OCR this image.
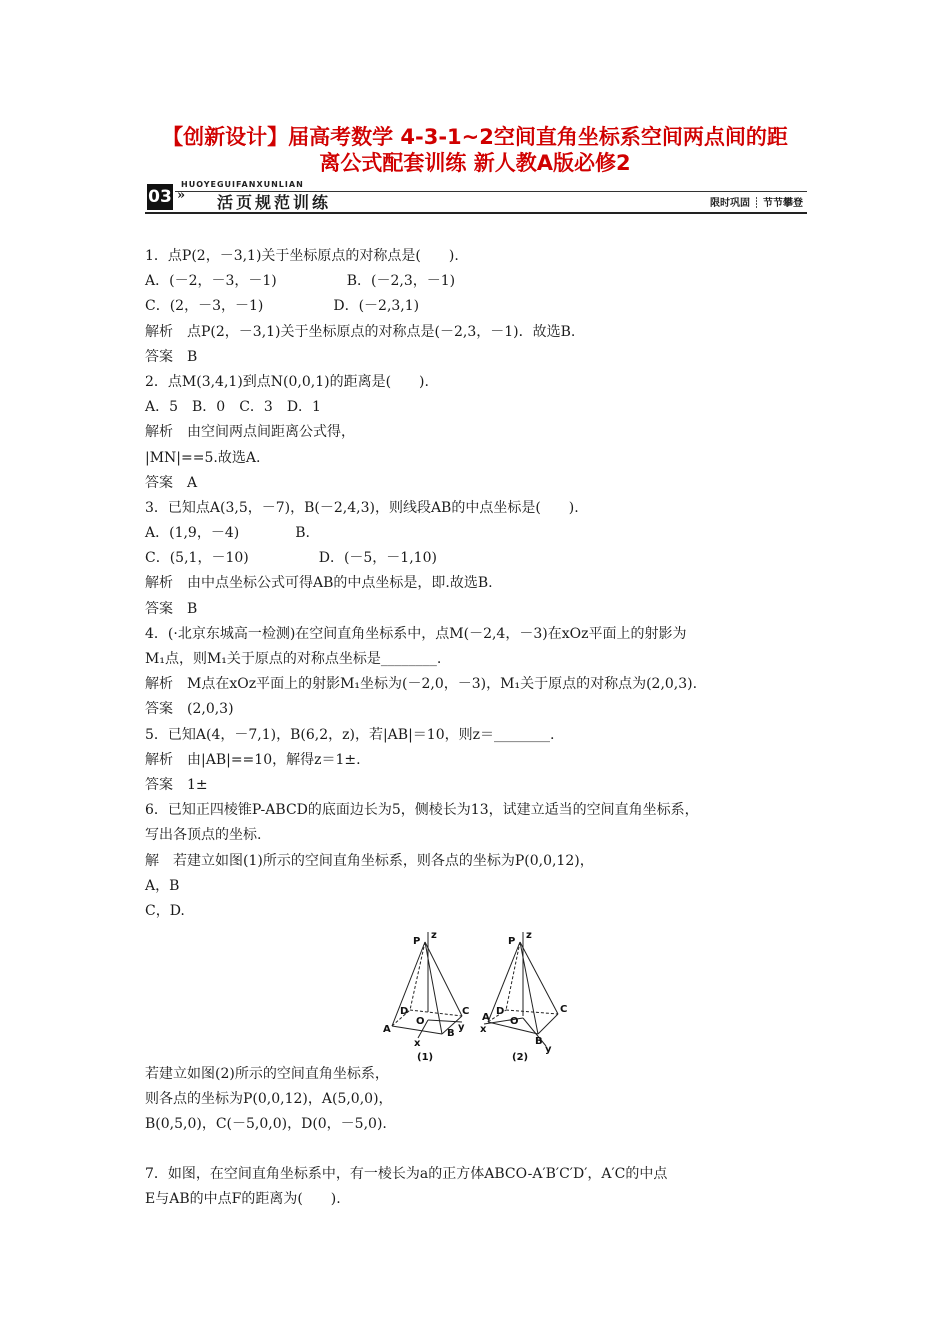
【创新设计】届高考数学 4-3-1~2空间直角坐标系空间两点间的距
离公式配套训练 新人教A版必修2
HUOYEGUIFANXUNLIAN
03 » 活页规范训练	限时巩固 ┊ 节节攀登
1．点P(2，－3,1)关于坐标原点的对称点是(　　).
A．(－2，－3，－1)　　　　　B．(－2,3，－1)
C．(2，－3，－1)　　　　　D．(－2,3,1)
解析　点P(2，－3,1)关于坐标原点的对称点是(－2,3，－1)．故选B.
答案　B
2．点M(3,4,1)到点N(0,0,1)的距离是(　　).
A．5　B．0　C．3　D．1
解析　由空间两点间距离公式得，
|MN|==5.故选A.
答案　A
3．已知点A(3,5，－7)，B(－2,4,3)，则线段AB的中点坐标是(　　).
A．(1,9，－4)　　　　B.
C．(5,1，－10)　　　　　D．(－5，－1,10)
解析　由中点坐标公式可得AB的中点坐标是，即.故选B.
答案　B
4．(·北京东城高一检测)在空间直角坐标系中，点M(－2,4，－3)在xOz平面上的射影为
M₁点，则M₁关于原点的对称点坐标是________.
解析　M点在xOz平面上的射影M₁坐标为(－2,0，－3)，M₁关于原点的对称点为(2,0,3).
答案　(2,0,3)
5．已知A(4，－7,1)，B(6,2，z)，若|AB|＝10，则z＝________.
解析　由|AB|==10，解得z＝1±.
答案　1±
6．已知正四棱锥P-ABCD的底面边长为5，侧棱长为13，试建立适当的空间直角坐标系，
写出各顶点的坐标.
解　若建立如图(1)所示的空间直角坐标系，则各点的坐标为P(0,0,12)，
A，B
C，D.
P
z
A
D
O
B
C
x
y
(1)
P
z
A
D
O
B
C
x
y
(2)
若建立如图(2)所示的空间直角坐标系，
则各点的坐标为P(0,0,12)，A(5,0,0)，
B(0,5,0)，C(－5,0,0)，D(0，－5,0).
7．如图，在空间直角坐标系中，有一棱长为a的正方体ABCO-A′B′C′D′，A′C的中点
E与AB的中点F的距离为(　　).
